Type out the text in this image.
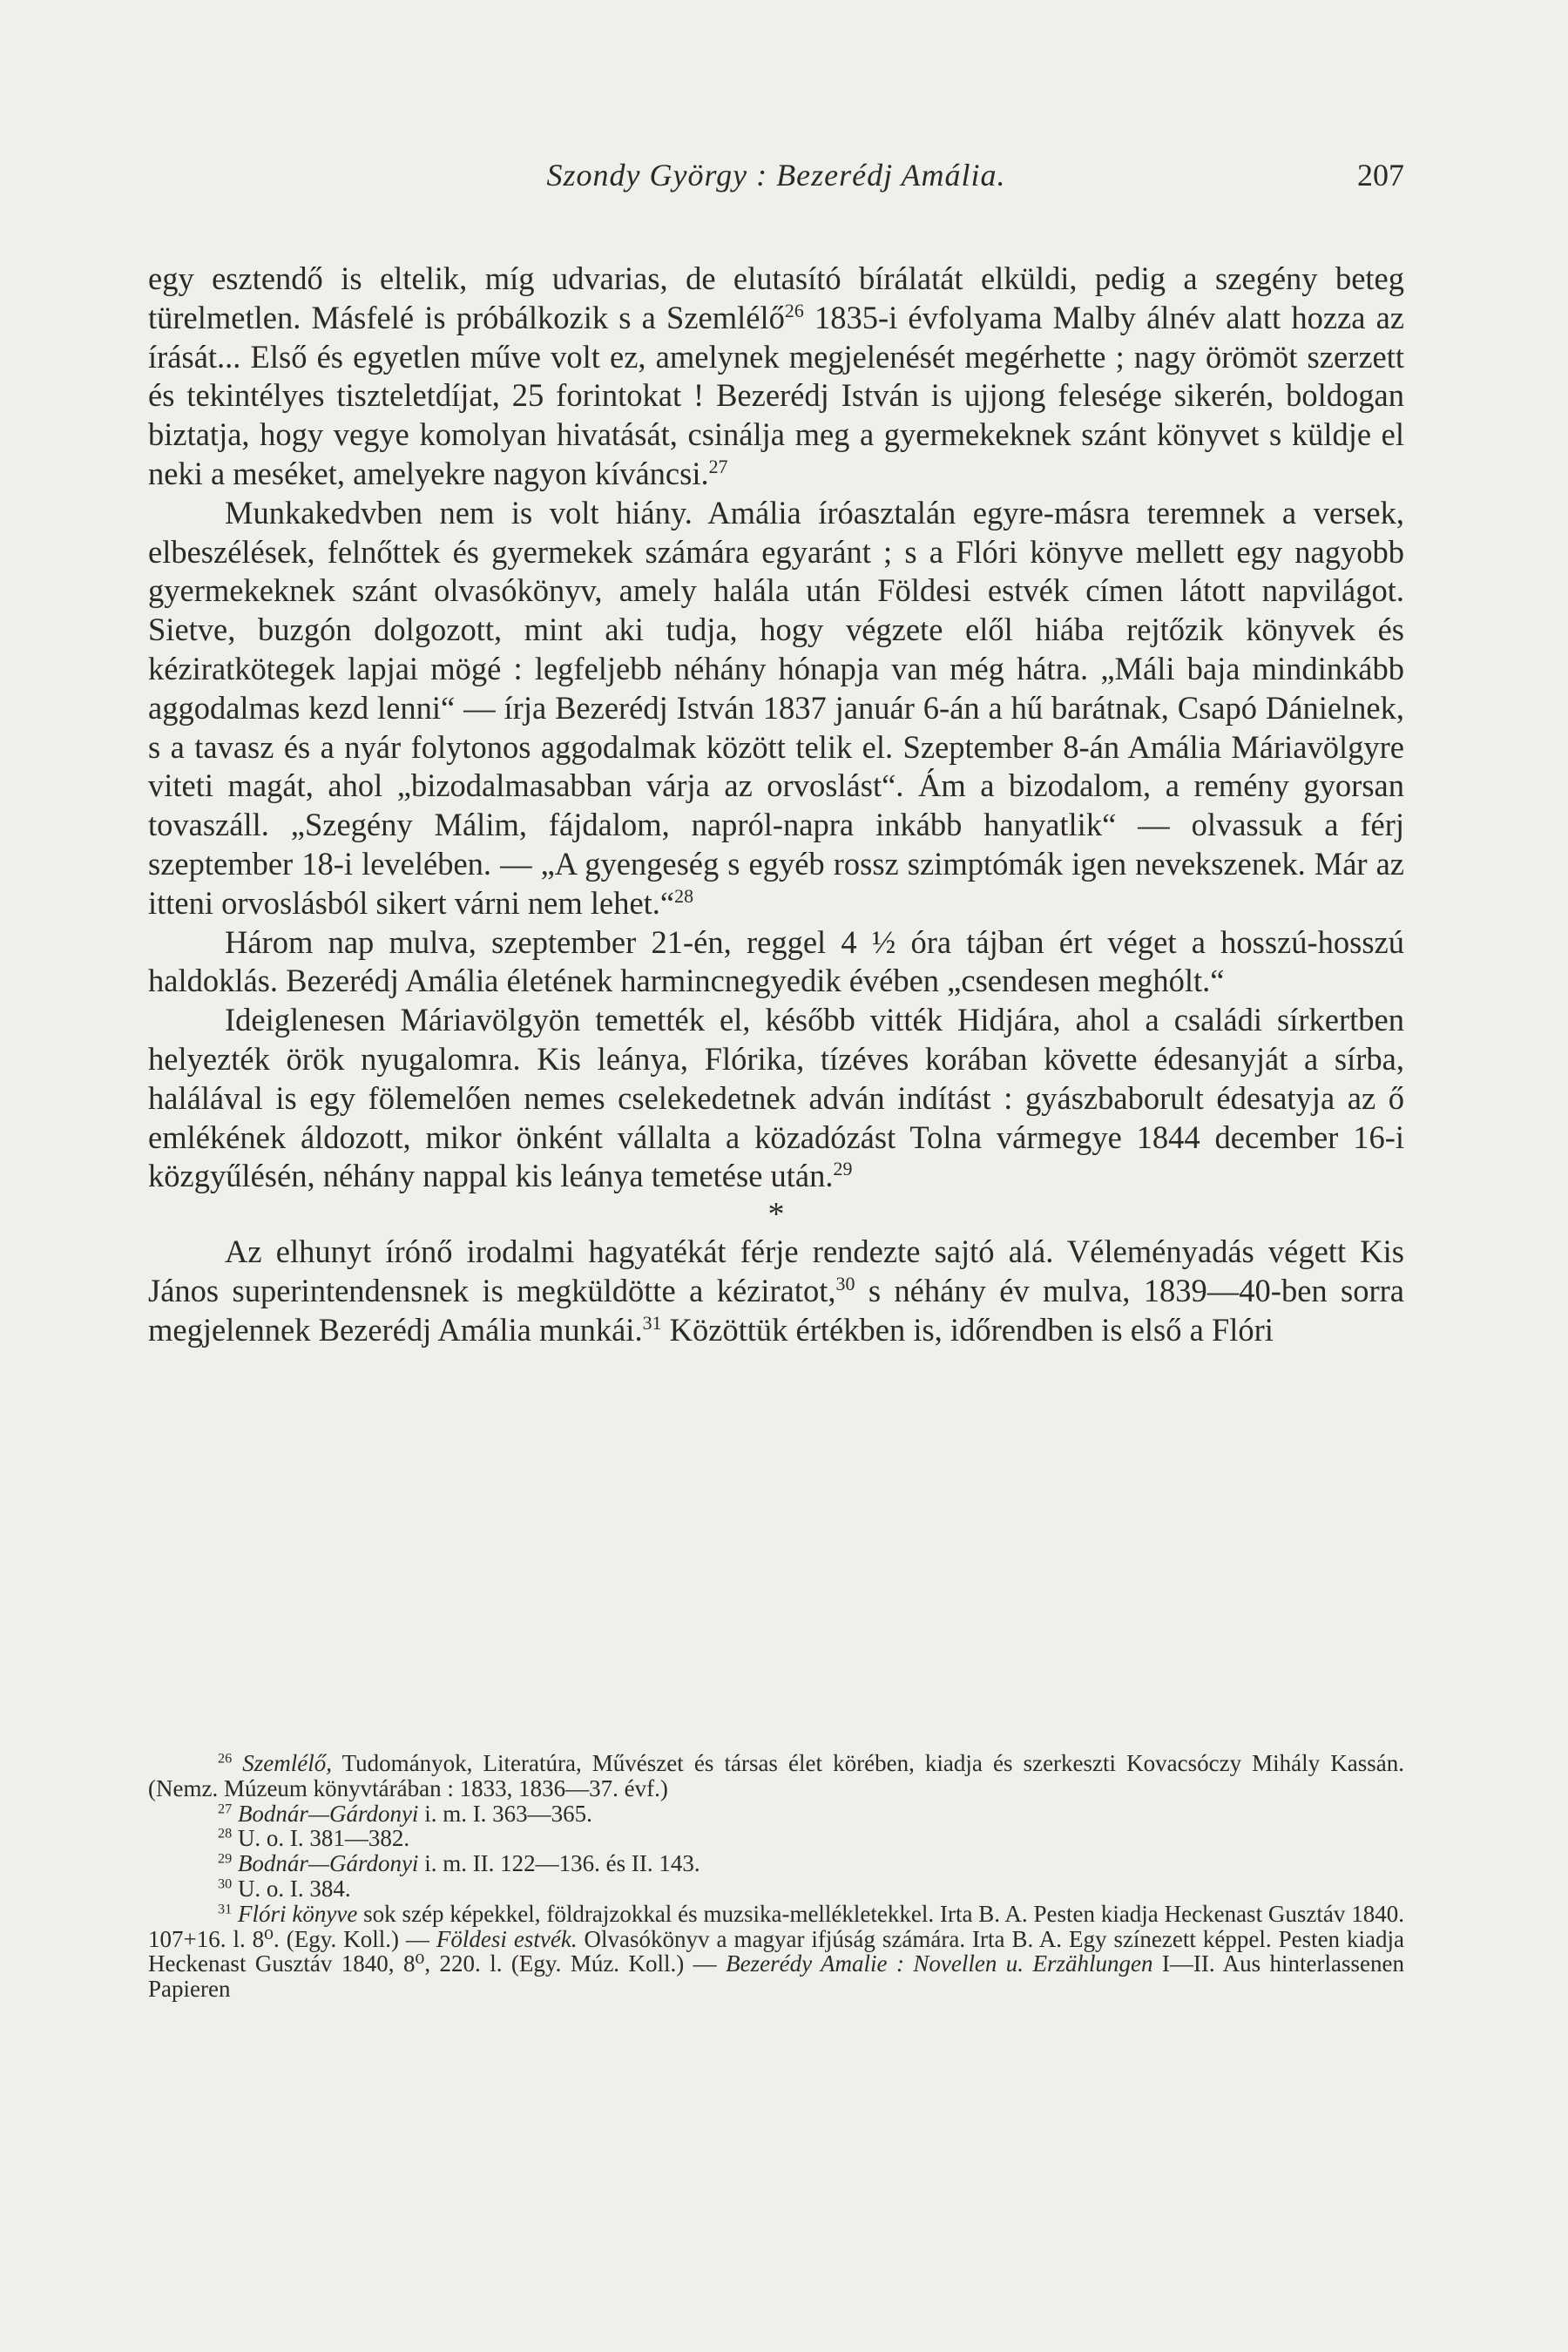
Szondy György : Bezerédj Amália.	207

egy esztendő is eltelik, míg udvarias, de elutasító bírálatát elküldi, pedig a szegény beteg türelmetlen. Másfelé is próbálkozik s a Szemlélő$^{26}$ 1835-i évfolyama Malby álnév alatt hozza az írását... Első és egyetlen műve volt ez, amelynek megjelenését megérhette ; nagy örömöt szerzett és tekintélyes tiszteletdíjat, 25 forintokat ! Bezerédj István is ujjong felesége sikerén, boldogan biztatja, hogy vegye komolyan hivatását, csinálja meg a gyermekeknek szánt könyvet s küldje el neki a meséket, amelyekre nagyon kíváncsi.$^{27}$

Munkakedvben nem is volt hiány. Amália íróasztalán egyre-másra teremnek a versek, elbeszélések, felnőttek és gyermekek számára egyaránt ; s a Flóri könyve mellett egy nagyobb gyermekeknek szánt olvasókönyv, amely halála után Földesi estvék címen látott napvilágot. Sietve, buzgón dolgozott, mint aki tudja, hogy végzete elől hiába rejtőzik könyvek és kéziratkötegek lapjai mögé : legfeljebb néhány hónapja van még hátra. „Máli baja mindinkább aggodalmas kezd lenni“ — írja Bezerédj István 1837 január 6-án a hű barátnak, Csapó Dánielnek, s a tavasz és a nyár folytonos aggodalmak között telik el. Szeptember 8-án Amália Máriavölgyre viteti magát, ahol „bizodalmasabban várja az orvoslást“. Ám a bizodalom, a remény gyorsan tovaszáll. „Szegény Málim, fájdalom, napról-napra inkább hanyatlik“ — olvassuk a férj szeptember 18-i levelében. — „A gyengeség s egyéb rossz szimptómák igen nevekszenek. Már az itteni orvoslásból sikert várni nem lehet.“$^{28}$

Három nap mulva, szeptember 21-én, reggel 4 ½ óra tájban ért véget a hosszú-hosszú haldoklás. Bezerédj Amália életének harmincnegyedik évében „csendesen meghólt.“

Ideiglenesen Máriavölgyön temették el, később vitték Hidjára, ahol a családi sírkertben helyezték örök nyugalomra. Kis leánya, Flórika, tízéves korában követte édesanyját a sírba, halálával is egy fölemelően nemes cselekedetnek adván indítást : gyászbaborult édesatyja az ő emlékének áldozott, mikor önként vállalta a közadózást Tolna vármegye 1844 december 16-i közgyűlésén, néhány nappal kis leánya temetése után.$^{29}$

*

Az elhunyt írónő irodalmi hagyatékát férje rendezte sajtó alá. Véleményadás végett Kis János superintendensnek is megküldötte a kéziratot,$^{30}$ s néhány év mulva, 1839—40-ben sorra megjelennek Bezerédj Amália munkái.$^{31}$ Közöttük értékben is, időrendben is első a Flóri

$^{26}$ Szemlélő, Tudományok, Literatúra, Művészet és társas élet körében, kiadja és szerkeszti Kovacsóczy Mihály Kassán. (Nemz. Múzeum könyvtárában : 1833, 1836—37. évf.)

$^{27}$ Bodnár—Gárdonyi i. m. I. 363—365.

$^{28}$ U. o. I. 381—382.

$^{29}$ Bodnár—Gárdonyi i. m. II. 122—136. és II. 143.

$^{30}$ U. o. I. 384.

$^{31}$ Flóri könyve sok szép képekkel, földrajzokkal és muzsika-mellékletekkel. Irta B. A. Pesten kiadja Heckenast Gusztáv 1840. 107+16. l. 8⁰. (Egy. Koll.) — Földesi estvék. Olvasókönyv a magyar ifjúság számára. Irta B. A. Egy színezett képpel. Pesten kiadja Heckenast Gusztáv 1840, 8⁰, 220. l. (Egy. Múz. Koll.) — Bezerédy Amalie : Novellen u. Erzählungen I—II. Aus hinterlassenen Papieren
